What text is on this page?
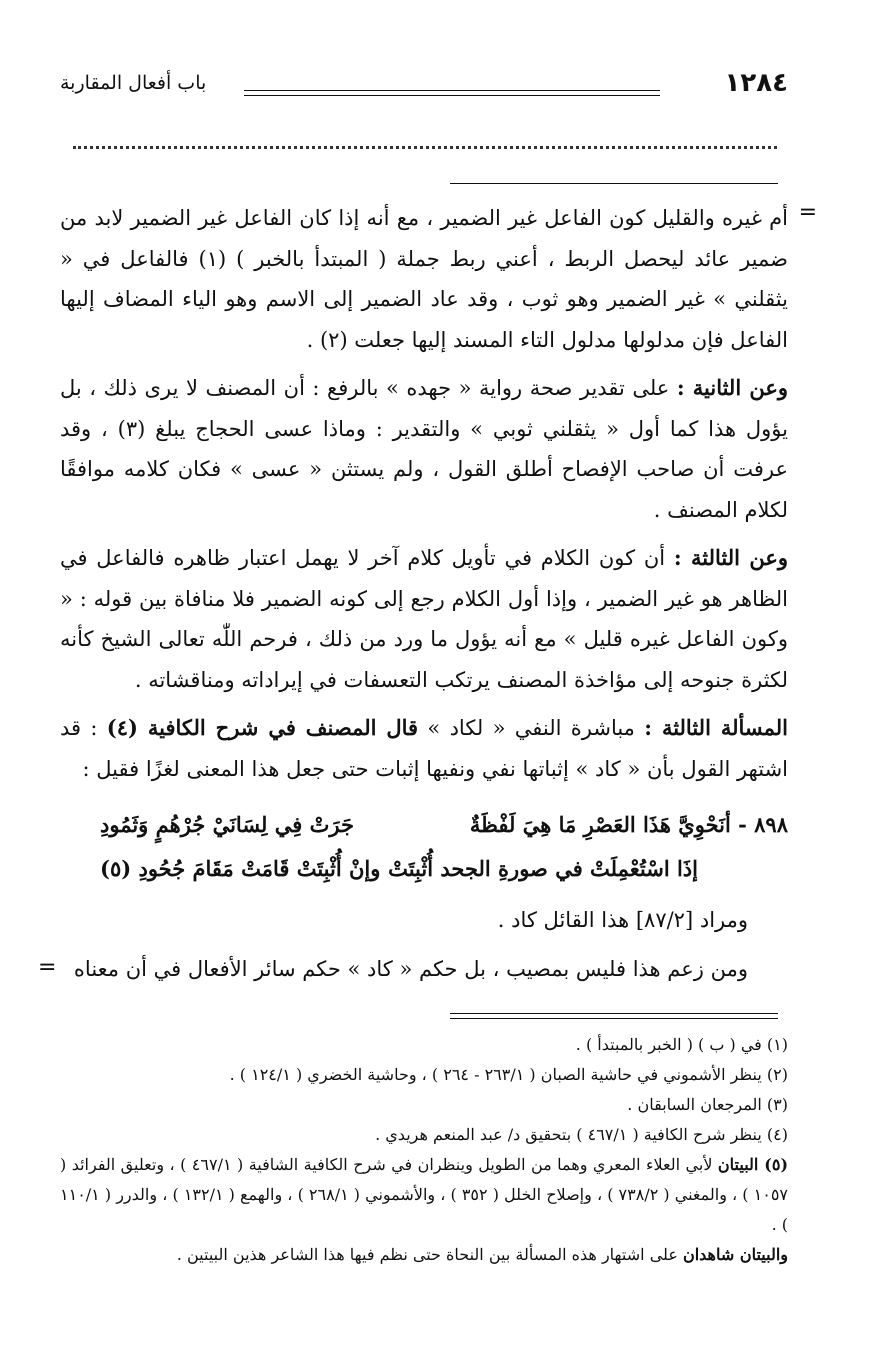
١٢٨٤
باب أفعال المقاربة
=

أم غيره والقليل كون الفاعل غير الضمير ، مع أنه إذا كان الفاعل غير الضمير لابد من ضمير عائد ليحصل الربط ، أعني ربط جملة ( المبتدأ بالخبر ) (١) فالفاعل في « يثقلني » غير الضمير وهو ثوب ، وقد عاد الضمير إلى الاسم وهو الياء المضاف إليها الفاعل فإن مدلولها مدلول التاء المسند إليها جعلت (٢) .

وعن الثانية : على تقدير صحة رواية « جهده » بالرفع : أن المصنف لا يرى ذلك ، بل يؤول هذا كما أول « يثقلني ثوبي » والتقدير : وماذا عسى الحجاج يبلغ (٣) ، وقد عرفت أن صاحب الإفصاح أطلق القول ، ولم يستثن « عسى » فكان كلامه موافقًا لكلام المصنف .

وعن الثالثة : أن كون الكلام في تأويل كلام آخر لا يهمل اعتبار ظاهره فالفاعل في الظاهر هو غير الضمير ، وإذا أول الكلام رجع إلى كونه الضمير فلا منافاة بين قوله : « وكون الفاعل غيره قليل » مع أنه يؤول ما ورد من ذلك ، فرحم اللّٰه تعالى الشيخ كأنه لكثرة جنوحه إلى مؤاخذة المصنف يرتكب التعسفات في إيراداته ومناقشاته .

المسألة الثالثة : مباشرة النفي « لكاد » قال المصنف في شرح الكافية (٤) : قد اشتهر القول بأن « كاد » إثباتها نفي ونفيها إثبات حتى جعل هذا المعنى لغزًا فقيل :

٨٩٨ - أنَحْوِيَّ هَذَا العَصْرِ مَا هِيَ لَفْظَةٌ
جَرَتْ فِي لِسَانَيْ جُرْهُمٍ وَثَمُودِ
إذَا اسْتُعْمِلَتْ في صورةِ الجحد أُثْبِتَتْ
وإنْ أُثْبِتَتْ قَامَتْ مَقَامَ جُحُودِ (٥)

ومراد [٨٧/٢] هذا القائل كاد .

ومن زعم هذا فليس بمصيب ، بل حكم « كاد » حكم سائر الأفعال في أن معناه

=

(١) في ( ب ) ( الخبر بالمبتدأ ) .

(٢) ينظر الأشموني في حاشية الصبان ( ٢٦٣/١ - ٢٦٤ ) ، وحاشية الخضري ( ١٢٤/١ ) .

(٣) المرجعان السابقان .

(٤) ينظر شرح الكافية ( ٤٦٧/١ ) بتحقيق د/ عبد المنعم هريدي .

(٥) البيتان لأبي العلاء المعري وهما من الطويل وينظران في شرح الكافية الشافية ( ٤٦٧/١ ) ، وتعليق الفرائد ( ١٠٥٧ ) ، والمغني ( ٧٣٨/٢ ) ، وإصلاح الخلل ( ٣٥٢ ) ، والأشموني ( ٢٦٨/١ ) ، والهمع ( ١٣٢/١ ) ، والدرر ( ١١٠/١ ) .

والبيتان شاهدان على اشتهار هذه المسألة بين النحاة حتى نظم فيها هذا الشاعر هذين البيتين .
